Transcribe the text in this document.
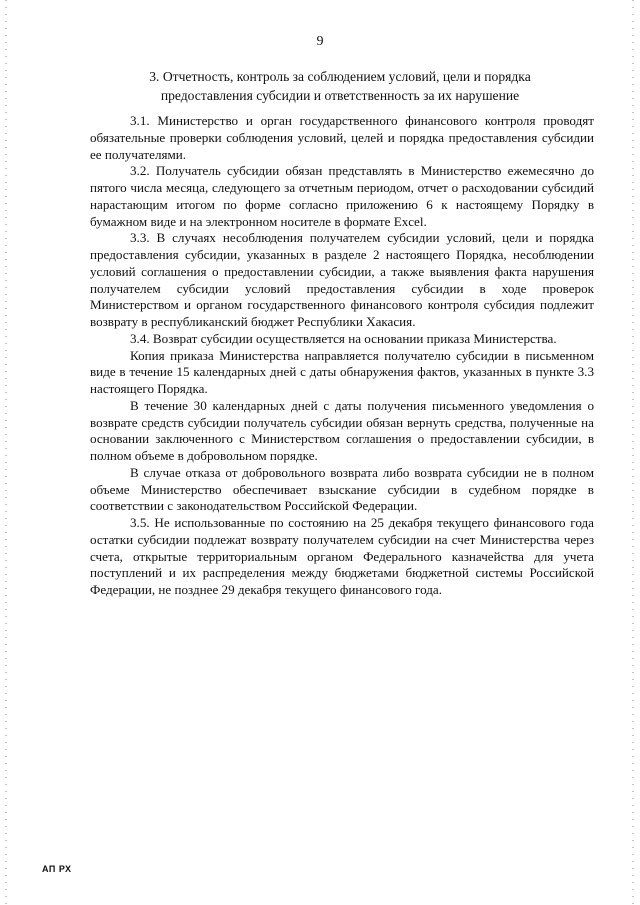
9
3. Отчетность, контроль за соблюдением условий, цели и порядка
предоставления субсидии и ответственность за их нарушение

3.1. Министерство и орган государственного финансового контроля проводят обязательные проверки соблюдения условий, целей и порядка предоставления субсидии ее получателями.

3.2. Получатель субсидии обязан представлять в Министерство ежемесячно до пятого числа месяца, следующего за отчетным периодом, отчет о расходовании субсидий нарастающим итогом по форме согласно приложению 6 к настоящему Порядку в бумажном виде и на электронном носителе в формате Excel.

3.3. В случаях несоблюдения получателем субсидии условий, цели и порядка предоставления субсидии, указанных в разделе 2 настоящего Порядка, несоблюдении условий соглашения о предоставлении субсидии, а также выявления факта нарушения получателем субсидии условий предоставления субсидии в ходе проверок Министерством и органом государственного финансового контроля субсидия подлежит возврату в республиканский бюджет Республики Хакасия.

3.4. Возврат субсидии осуществляется на основании приказа Министерства.

Копия приказа Министерства направляется получателю субсидии в письменном виде в течение 15 календарных дней с даты обнаружения фактов, указанных в пункте 3.3 настоящего Порядка.

В течение 30 календарных дней с даты получения письменного уведомления о возврате средств субсидии получатель субсидии обязан вернуть средства, полученные на основании заключенного с Министерством соглашения о предоставлении субсидии, в полном объеме в добровольном порядке.

В случае отказа от добровольного возврата либо возврата субсидии не в полном объеме Министерство обеспечивает взыскание субсидии в судебном порядке в соответствии с законодательством Российской Федерации.

3.5. Не использованные по состоянию на 25 декабря текущего финансового года остатки субсидии подлежат возврату получателем субсидии на счет Министерства через счета, открытые территориальным органом Федерального казначейства для учета поступлений и их распределения между бюджетами бюджетной системы Российской Федерации, не позднее 29 декабря текущего финансового года.

АП РХ
